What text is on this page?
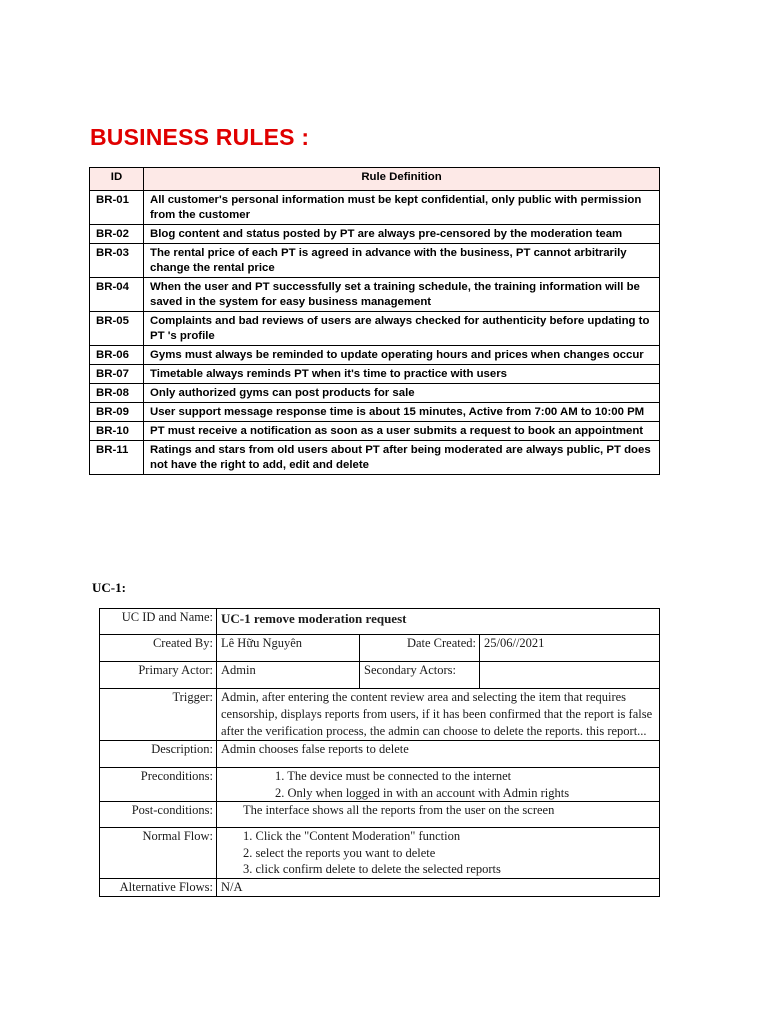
BUSINESS RULES :
ID	Rule Definition
BR-01	All customer's personal information must be kept confidential, only public with permission from the customer
BR-02	Blog content and status posted by PT are always pre-censored by the moderation team
BR-03	The rental price of each PT is agreed in advance with the business, PT cannot arbitrarily change the rental price
BR-04	When the user and PT successfully set a training schedule, the training information will be saved in the system for easy business management
BR-05	Complaints and bad reviews of users are always checked for authenticity before updating to PT 's profile
BR-06	Gyms must always be reminded to update operating hours and prices when changes occur
BR-07	Timetable always reminds PT when it's time to practice with users
BR-08	Only authorized gyms can post products for sale
BR-09	User support message response time is about 15 minutes, Active from 7:00 AM to 10:00 PM
BR-10	PT must receive a notification as soon as a user submits a request to book an appointment
BR-11	Ratings and stars from old users about PT after being moderated are always public, PT does not have the right to add, edit and delete
UC-1:
UC ID and Name:	UC-1 remove moderation request		
Created By:	Lê Hữu Nguyên	Date Created:	25/06//2021
Primary Actor:	Admin	Secondary Actors:	
Trigger:	Admin, after entering the content review area and selecting the item that requires censorship, displays reports from users, if it has been confirmed that the report is false after the verification process, the admin can choose to delete the reports. this report...		
Description:	Admin chooses false reports to delete		
Preconditions:	1. The device must be connected to the internet
2. Only when logged in with an account with Admin rights		

Post-conditions:	The interface shows all the reports from the user on the screen		
Normal Flow:	1. Click the "Content Moderation" function
2. select the reports you want to delete
3. click confirm delete to delete the selected reports		

Alternative Flows:	N/A		
